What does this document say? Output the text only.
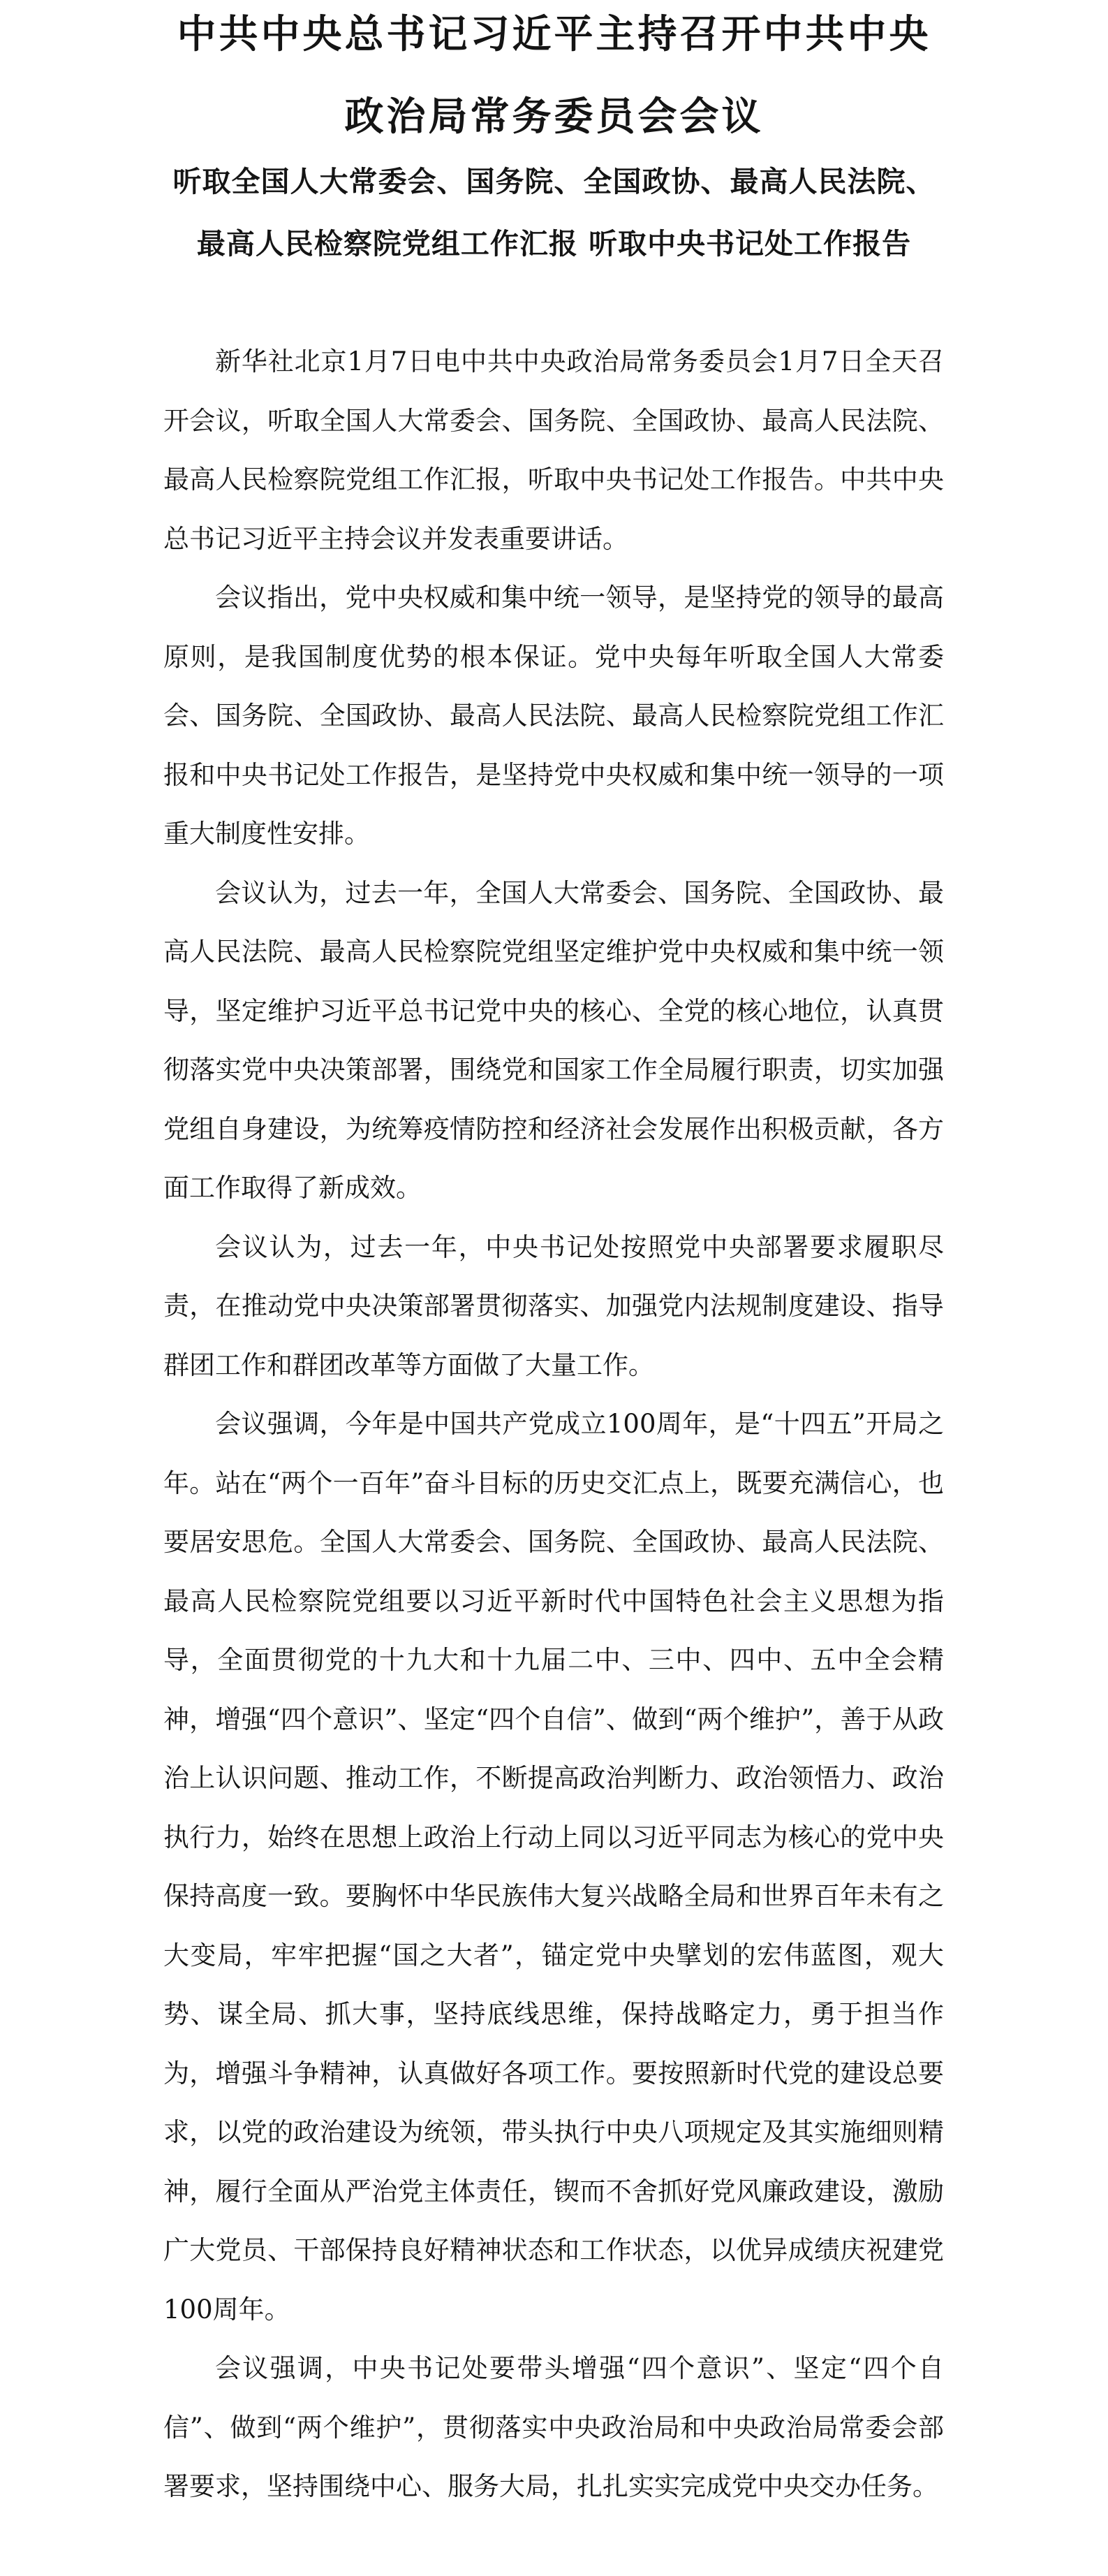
中共中央总书记习近平主持召开中共中央
政治局常务委员会会议
听取全国人大常委会、国务院、全国政协、最高人民法院、
最高人民检察院党组工作汇报 听取中央书记处工作报告

新华社北京1月7日电中共中央政治局常务委员会1月7日全天召开会议，听取全国人大常委会、国务院、全国政协、最高人民法院、最高人民检察院党组工作汇报，听取中央书记处工作报告。中共中央总书记习近平主持会议并发表重要讲话。

会议指出，党中央权威和集中统一领导，是坚持党的领导的最高原则，是我国制度优势的根本保证。党中央每年听取全国人大常委会、国务院、全国政协、最高人民法院、最高人民检察院党组工作汇报和中央书记处工作报告，是坚持党中央权威和集中统一领导的一项重大制度性安排。

会议认为，过去一年，全国人大常委会、国务院、全国政协、最高人民法院、最高人民检察院党组坚定维护党中央权威和集中统一领导，坚定维护习近平总书记党中央的核心、全党的核心地位，认真贯彻落实党中央决策部署，围绕党和国家工作全局履行职责，切实加强党组自身建设，为统筹疫情防控和经济社会发展作出积极贡献，各方面工作取得了新成效。

会议认为，过去一年，中央书记处按照党中央部署要求履职尽责，在推动党中央决策部署贯彻落实、加强党内法规制度建设、指导群团工作和群团改革等方面做了大量工作。

会议强调，今年是中国共产党成立100周年，是“十四五”开局之年。站在“两个一百年”奋斗目标的历史交汇点上，既要充满信心，也要居安思危。全国人大常委会、国务院、全国政协、最高人民法院、最高人民检察院党组要以习近平新时代中国特色社会主义思想为指导，全面贯彻党的十九大和十九届二中、三中、四中、五中全会精神，增强“四个意识”、坚定“四个自信”、做到“两个维护”，善于从政治上认识问题、推动工作，不断提高政治判断力、政治领悟力、政治执行力，始终在思想上政治上行动上同以习近平同志为核心的党中央保持高度一致。要胸怀中华民族伟大复兴战略全局和世界百年未有之大变局，牢牢把握“国之大者”，锚定党中央擘划的宏伟蓝图，观大势、谋全局、抓大事，坚持底线思维，保持战略定力，勇于担当作为，增强斗争精神，认真做好各项工作。要按照新时代党的建设总要求，以党的政治建设为统领，带头执行中央八项规定及其实施细则精神，履行全面从严治党主体责任，锲而不舍抓好党风廉政建设，激励广大党员、干部保持良好精神状态和工作状态，以优异成绩庆祝建党100周年。

会议强调，中央书记处要带头增强“四个意识”、坚定“四个自信”、做到“两个维护”，贯彻落实中央政治局和中央政治局常委会部署要求，坚持围绕中心、服务大局，扎扎实实完成党中央交办任务。
